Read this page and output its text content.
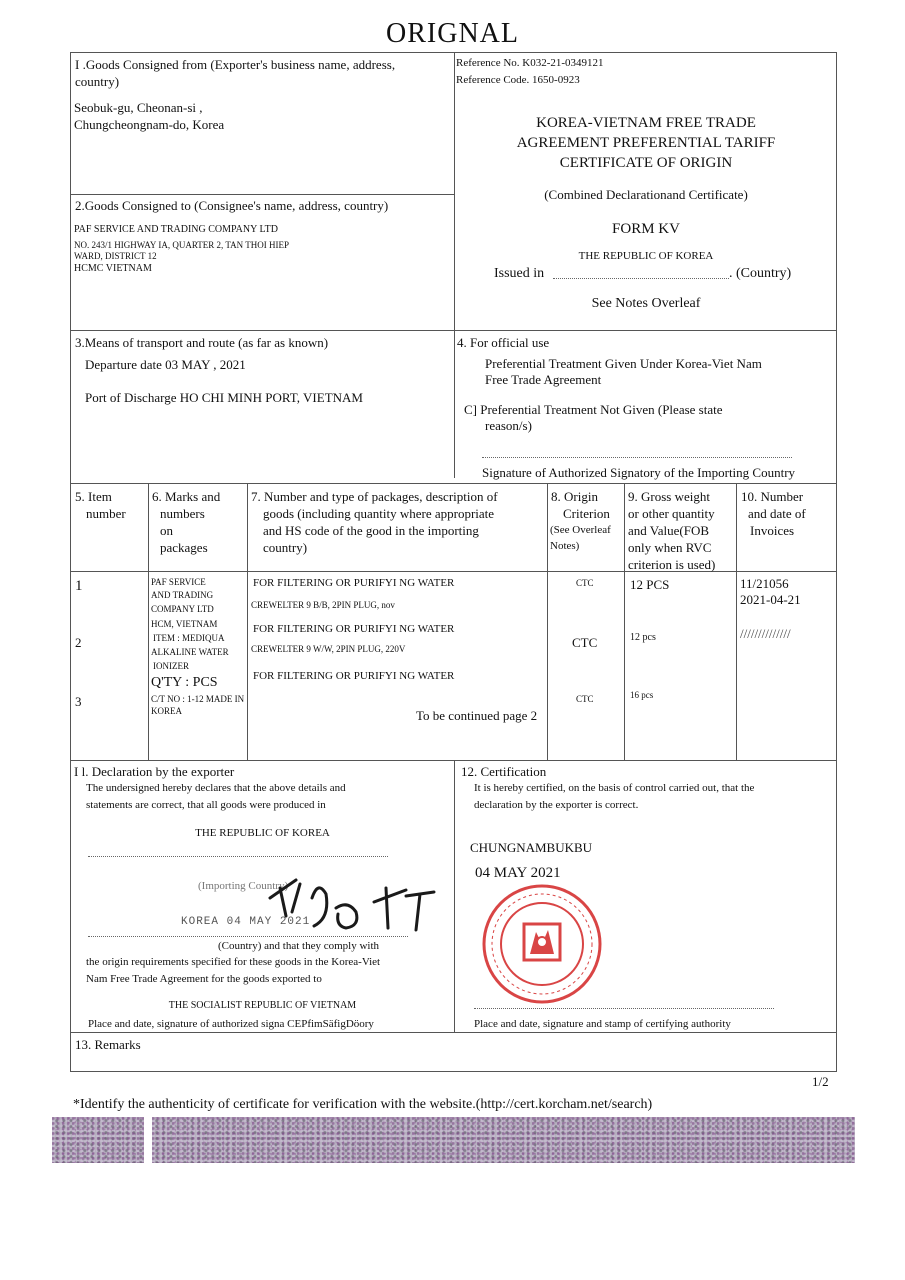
ORIGNAL
I .Goods Consigned from (Exporter's business name, address,
country)
Seobuk-gu, Cheonan-si ,
Chungcheongnam-do, Korea
Reference No. K032-21-0349121
Reference Code. 1650-0923
KOREA-VIETNAM FREE TRADE
AGREEMENT PREFERENTIAL TARIFF
CERTIFICATE OF ORIGIN
(Combined Declarationand Certificate)
FORM KV
THE REPUBLIC OF KOREA
Issued in	. (Country)
See Notes Overleaf
2.Goods Consigned to (Consignee's name, address, country)
PAF SERVICE AND TRADING COMPANY LTD
NO. 243/1 HIGHWAY IA, QUARTER 2, TAN THOI HIEP
WARD, DISTRICT 12
HCMC VIETNAM
3.Means of transport and route (as far as known)
Departure date 03 MAY , 2021
Port of Discharge HO CHI MINH PORT, VIETNAM
4. For official use
Preferential Treatment Given Under Korea-Viet Nam
Free Trade Agreement
C] Preferential Treatment Not Given (Please state
reason/s)
Signature of Authorized Signatory of the Importing Country
5. Item
number
6. Marks and
numbers
on
packages
7. Number and type of packages, description of
goods (including quantity where appropriate
and HS code of the good in the importing
country)
8. Origin
Criterion
(See Overleaf
Notes)
9. Gross weight
or other quantity
and Value(FOB
only when RVC
criterion is used)
10. Number
and date of
Invoices
1
2
3
PAF SERVICE
AND TRADING
COMPANY LTD
HCM, VIETNAM
ITEM : MEDIQUA
ALKALINE WATER
IONIZER
Q'TY : PCS
C/T NO : 1-12 MADE IN
KOREA
FOR FILTERING OR PURIFYI NG WATER
CREWELTER 9 B/B, 2PIN PLUG, nov
FOR FILTERING OR PURIFYI NG WATER
CREWELTER 9 W/W, 2PIN PLUG, 220V
FOR FILTERING OR PURIFYI NG WATER
To be continued page 2
CTC
CTC
CTC
12 PCS
12 pcs
16 pcs
11/21056
2021-04-21
//////////////
I l. Declaration by the exporter
The undersigned hereby declares that the above details and
statements are correct, that all goods were produced in
THE REPUBLIC OF KOREA
(Importing Country)
KOREA 04 MAY 2021
(Country) and that they comply with
the origin requirements specified for these goods in the Korea-Viet
Nam Free Trade Agreement for the goods exported to
THE SOCIALIST REPUBLIC OF VIETNAM
Place and date, signature of authorized signa CEPfimSäfigDöory
12. Certification
It is hereby certified, on the basis of control carried out, that the
declaration by the exporter is correct.
CHUNGNAMBUKBU
04 MAY 2021
Place and date, signature and stamp of certifying authority
13. Remarks
1/2
*Identify the authenticity of certificate for verification with the website.(http://cert.korcham.net/search)
